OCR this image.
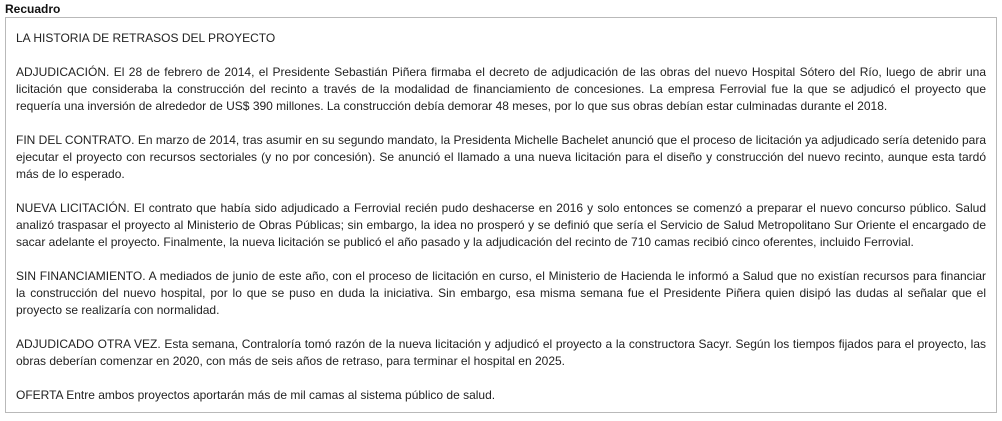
Recuadro

LA HISTORIA DE RETRASOS DEL PROYECTO

ADJUDICACIÓN. El 28 de febrero de 2014, el Presidente Sebastián Piñera firmaba el decreto de adjudicación de las obras del nuevo Hospital Sótero del Río, luego de abrir una licitación que consideraba la construcción del recinto a través de la modalidad de financiamiento de concesiones. La empresa Ferrovial fue la que se adjudicó el proyecto que requería una inversión de alrededor de US$ 390 millones. La construcción debía demorar 48 meses, por lo que sus obras debían estar culminadas durante el 2018.

FIN DEL CONTRATO. En marzo de 2014, tras asumir en su segundo mandato, la Presidenta Michelle Bachelet anunció que el proceso de licitación ya adjudicado sería detenido para ejecutar el proyecto con recursos sectoriales (y no por concesión). Se anunció el llamado a una nueva licitación para el diseño y construcción del nuevo recinto, aunque esta tardó más de lo esperado.

NUEVA LICITACIÓN. El contrato que había sido adjudicado a Ferrovial recién pudo deshacerse en 2016 y solo entonces se comenzó a preparar el nuevo concurso público. Salud analizó traspasar el proyecto al Ministerio de Obras Públicas; sin embargo, la idea no prosperó y se definió que sería el Servicio de Salud Metropolitano Sur Oriente el encargado de sacar adelante el proyecto. Finalmente, la nueva licitación se publicó el año pasado y la adjudicación del recinto de 710 camas recibió cinco oferentes, incluido Ferrovial.

SIN FINANCIAMIENTO. A mediados de junio de este año, con el proceso de licitación en curso, el Ministerio de Hacienda le informó a Salud que no existían recursos para financiar la construcción del nuevo hospital, por lo que se puso en duda la iniciativa. Sin embargo, esa misma semana fue el Presidente Piñera quien disipó las dudas al señalar que el proyecto se realizaría con normalidad.

ADJUDICADO OTRA VEZ. Esta semana, Contraloría tomó razón de la nueva licitación y adjudicó el proyecto a la constructora Sacyr. Según los tiempos fijados para el proyecto, las obras deberían comenzar en 2020, con más de seis años de retraso, para terminar el hospital en 2025.

OFERTA Entre ambos proyectos aportarán más de mil camas al sistema público de salud.
